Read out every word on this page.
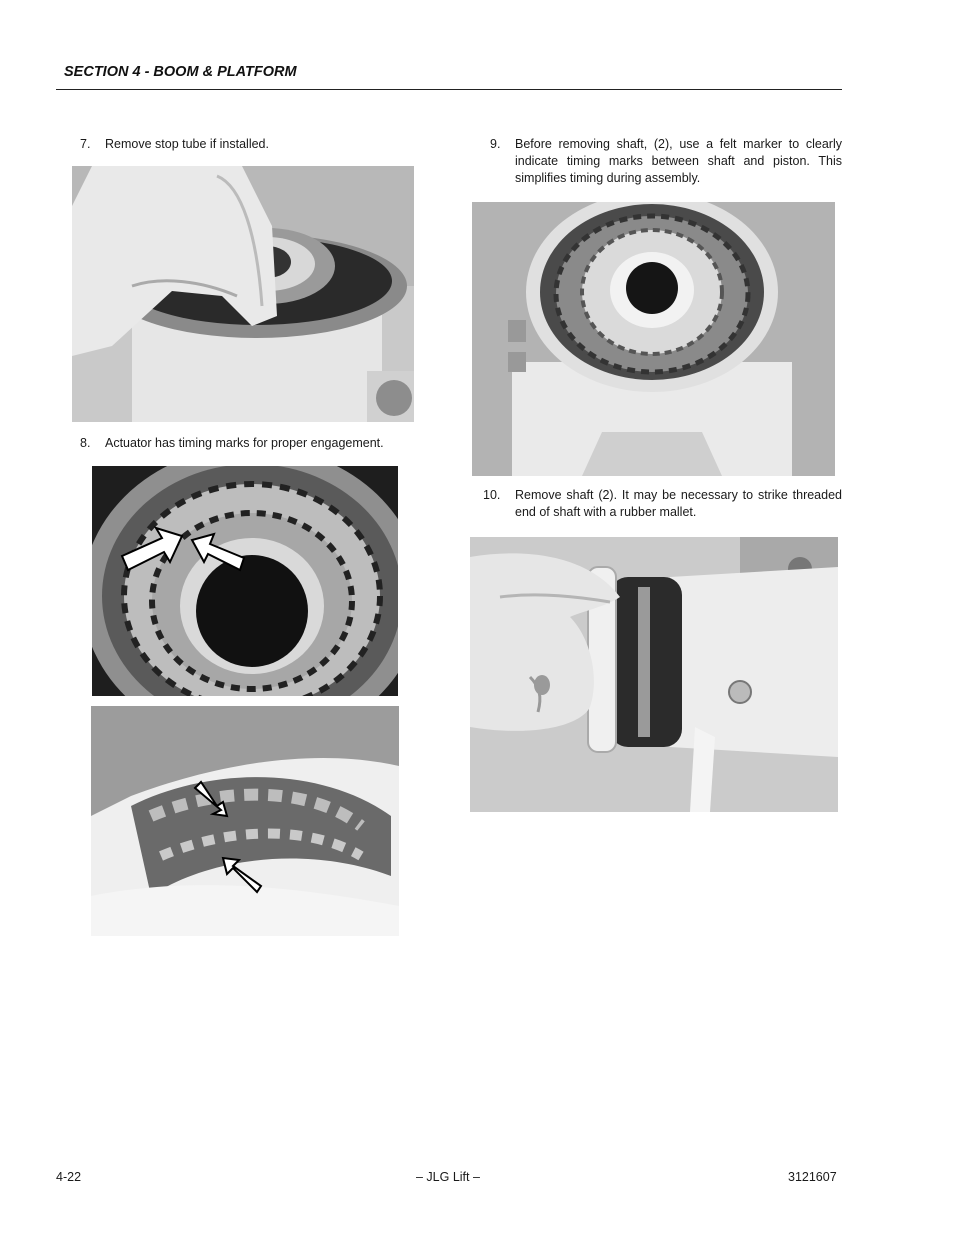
SECTION 4 - BOOM & PLATFORM
7. Remove stop tube if installed.
8. Actuator has timing marks for proper engagement.
9. Before removing shaft, (2), use a felt marker to clearly indicate timing marks between shaft and piston. This simplifies timing during assembly.
10. Remove shaft (2). It may be necessary to strike threaded end of shaft with a rubber mallet.
4-22	– JLG Lift –	3121607
